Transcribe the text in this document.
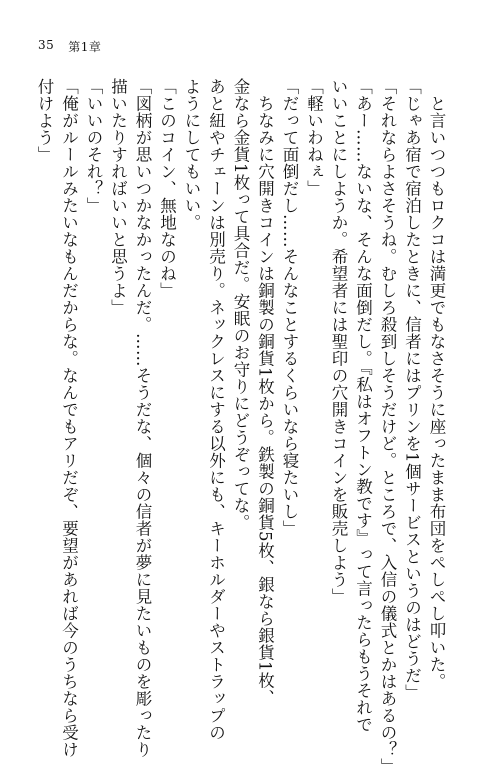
35 第1章
　と言いつつもロクコは満更でもなさそうに座ったまま布団をぺしぺし叩いた。
「じゃあ宿で宿泊したときに、信者にはプリンを1個サービスというのはどうだ」
「それならよさそうね。むしろ殺到しそうだけど。ところで、入信の儀式とかはあるの？」
「あー……ないな、そんな面倒だし。『私はオフトン教です』って言ったらもうそれで
いいことにしようか。希望者には聖印の穴開きコインを販売しよう」
「軽いわねぇ」
「だって面倒だし……そんなことするくらいなら寝たいし」
　ちなみに穴開きコインは銅製の銅貨1枚から。鉄製の銅貨5枚、銀なら銀貨1枚、
金なら金貨1枚って具合だ。安眠のお守りにどうぞってな。
あと紐やチェーンは別売り。ネックレスにする以外にも、キーホルダーやストラップの
ようにしてもいい。
「このコイン、無地なのね」
「図柄が思いつかなかったんだ。……そうだな、個々の信者が夢に見たいものを彫ったり
描いたりすればいいと思うよ」
「いいのそれ？」
「俺がルールみたいなもんだからな。なんでもアリだぞ、要望があれば今のうちなら受け
付けよう」
